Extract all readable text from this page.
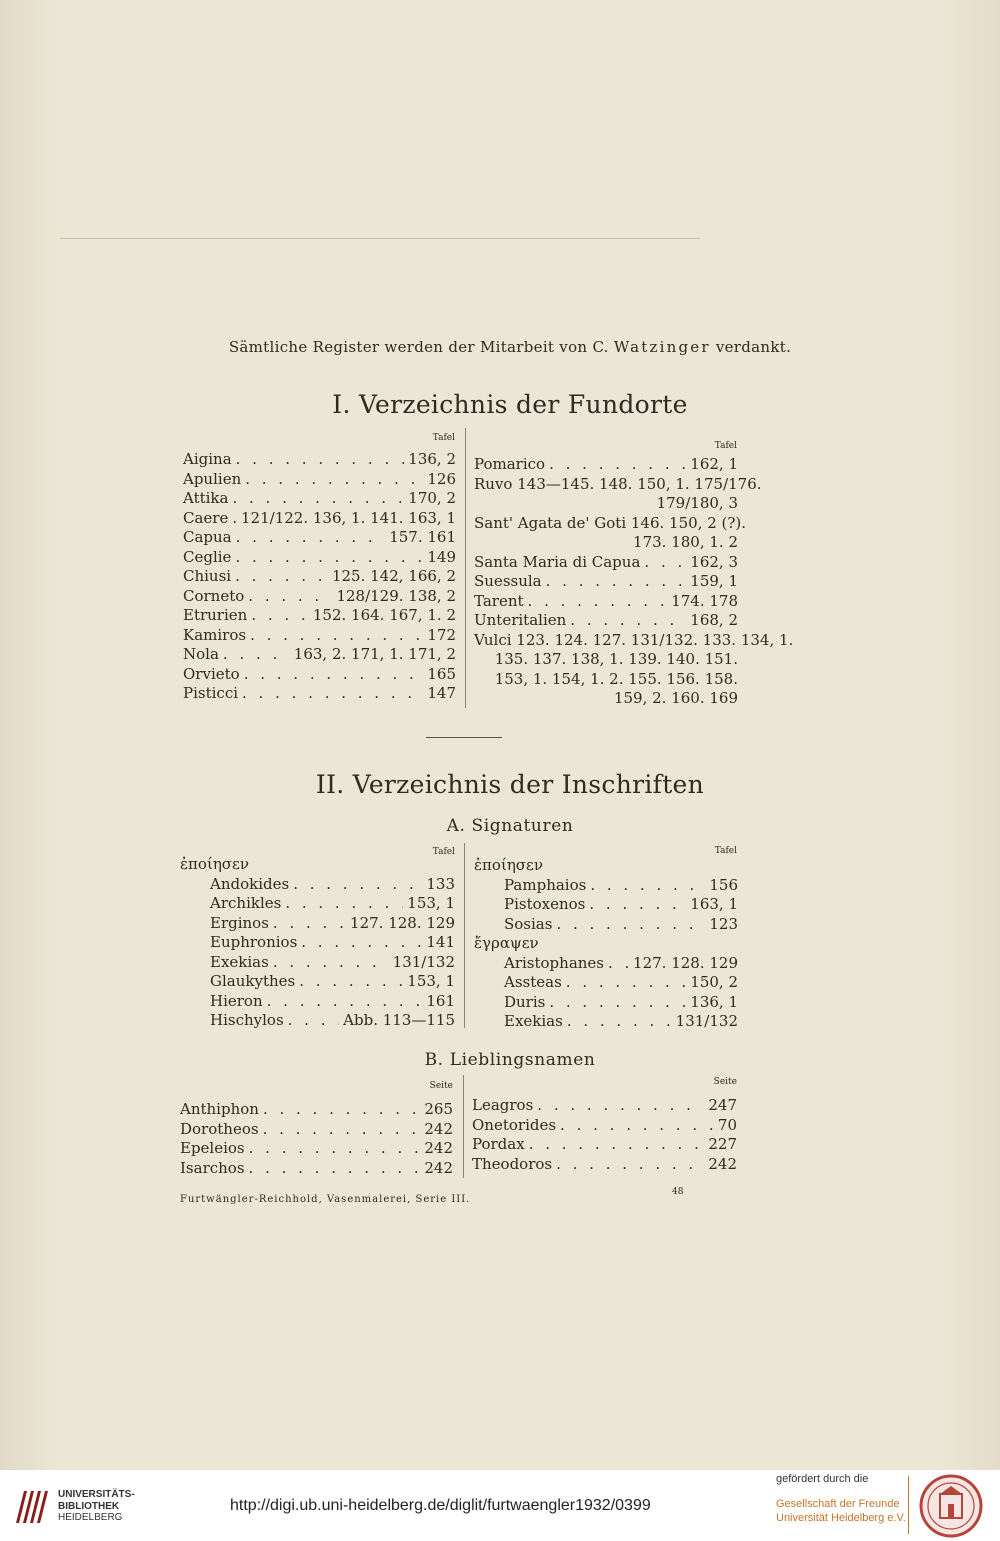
Sämtliche Register werden der Mitarbeit von C. Watzinger verdankt.
I. Verzeichnis der Fundorte
Tafel
Tafel
Aigina . . .	136, 2
Apulien . . .	126
Attika . . .	170, 2
Caere . . . 121/122. 136, 1. 141. 163, 1
Capua . . .	157. 161
Ceglie . . .	149
Chiusi . . .	125. 142, 166, 2
Corneto . . .	128/129. 138, 2
Etrurien . . .	152. 164. 167, 1. 2
Kamiros . . .	172
Nola . . .	163, 2. 171, 1. 171, 2
Orvieto . . .	165
Pisticci . . .	147
Pomarico . . .	162, 1
Ruvo 143—145. 148. 150, 1. 175/176.
179/180, 3
Sant' Agata de' Goti 146. 150, 2 (?).
173. 180, 1. 2
Santa Maria di Capua . . .	162, 3
Suessula . . .	159, 1
Tarent . . .	174. 178
Unteritalien . . .	168, 2
Vulci 123. 124. 127. 131/132. 133. 134, 1.
135. 137. 138, 1. 139. 140. 151.
153, 1. 154, 1. 2. 155. 156. 158.
159, 2. 160. 169
II. Verzeichnis der Inschriften
A. Signaturen
Tafel	Tafel
ἐποίησεν
Andokides . . .	133
Archikles . . .	153, 1
Erginos . . .	127. 128. 129
Euphronios . . .	141
Exekias . . .	131/132
Glaukythes . . .	153, 1
Hieron . . .	161
Hischylos . . .	Abb. 113—115
ἐποίησεν
Pamphaios . . .	156
Pistoxenos . . .	163, 1
Sosias . . .	123
ἔγραψεν
Aristophanes . . . 127. 128. 129
Assteas . . .	150, 2
Duris . . .	136, 1
Exekias . . .	131/132
B. Lieblingsnamen
Seite	Seite
Anthiphon . . .	265
Dorotheos . . .	242
Epeleios . . .	242
Isarchos . . .	242
Leagros . . .	247
Onetorides . . .	70
Pordax . . .	227
Theodoros . . .	242
Furtwängler-Reichhold, Vasenmalerei, Serie III.
48
UNIVERSITÄTS-
BIBLIOTHEK
HEIDELBERG
http://digi.ub.uni-heidelberg.de/diglit/furtwaengler1932/0399
gefördert durch die
Gesellschaft der Freunde
Universität Heidelberg e.V.
